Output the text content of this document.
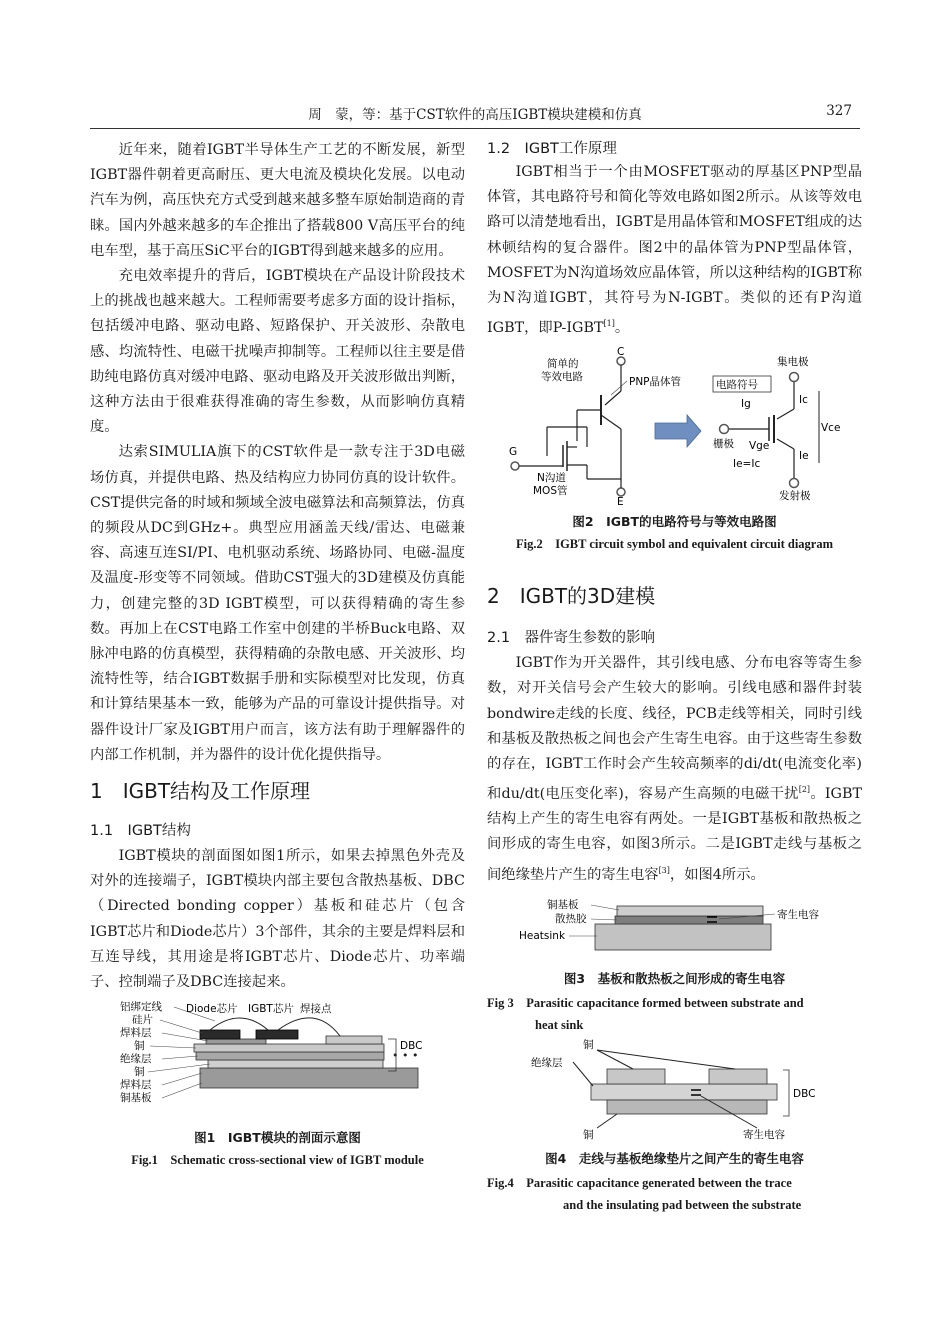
周　蒙，等：基于CST软件的高压IGBT模块建模和仿真	327

近年来，随着IGBT半导体生产工艺的不断发展，新型IGBT器件朝着更高耐压、更大电流及模块化发展。以电动汽车为例，高压快充方式受到越来越多整车原始制造商的青睐。国内外越来越多的车企推出了搭载800 V高压平台的纯电车型，基于高压SiC平台的IGBT得到越来越多的应用。

充电效率提升的背后，IGBT模块在产品设计阶段技术上的挑战也越来越大。工程师需要考虑多方面的设计指标，包括缓冲电路、驱动电路、短路保护、开关波形、杂散电感、均流特性、电磁干扰噪声抑制等。工程师以往主要是借助纯电路仿真对缓冲电路、驱动电路及开关波形做出判断，这种方法由于很难获得准确的寄生参数，从而影响仿真精度。

达索SIMULIA旗下的CST软件是一款专注于3D电磁场仿真，并提供电路、热及结构应力协同仿真的设计软件。CST提供完备的时域和频域全波电磁算法和高频算法，仿真的频段从DC到GHz+。典型应用涵盖天线/雷达、电磁兼容、高速互连SI/PI、电机驱动系统、场路协同、电磁-温度及温度-形变等不同领域。借助CST强大的3D建模及仿真能力，创建完整的3D IGBT模型，可以获得精确的寄生参数。再加上在CST电路工作室中创建的半桥Buck电路、双脉冲电路的仿真模型，获得精确的杂散电感、开关波形、均流特性等，结合IGBT数据手册和实际模型对比发现，仿真和计算结果基本一致，能够为产品的可靠设计提供指导。对器件设计厂家及IGBT用户而言，该方法有助于理解器件的内部工作机制，并为器件的设计优化提供指导。

1　IGBT结构及工作原理
1.1　IGBT结构

IGBT模块的剖面图如图1所示，如果去掉黑色外壳及对外的连接端子，IGBT模块内部主要包含散热基板、DBC（Directed bonding copper）基板和硅芯片（包含IGBT芯片和Diode芯片）3个部件，其余的主要是焊料层和互连导线，其用途是将IGBT芯片、Diode芯片、功率端子、控制端子及DBC连接起来。

• • •
铝绑定线
硅片
焊料层
铜
绝缘层
铜
焊料层
铜基板
Diode芯片 IGBT芯片 焊接点
DBC
图1　IGBT模块的剖面示意图
Fig.1　Schematic cross-sectional view of IGBT module
1.2　IGBT工作原理

IGBT相当于一个由MOSFET驱动的厚基区PNP型晶体管，其电路符号和简化等效电路如图2所示。从该等效电路可以清楚地看出，IGBT是用晶体管和MOSFET组成的达林顿结构的复合器件。图2中的晶体管为PNP型晶体管，MOSFET为N沟道场效应晶体管，所以这种结构的IGBT称为N沟道IGBT，其符号为N-IGBT。类似的还有P沟道IGBT，即P-IGBT[1]。

C
简单的
等效电路	PNP晶体管
G
N沟道
MOS管
E
电路符号
集电极
Ig	Ic
栅极 Vge
Vce
Ie
Ie=Ic
发射极
图2　IGBT的电路符号与等效电路图
Fig.2　IGBT circuit symbol and equivalent circuit diagram
2　IGBT的3D建模
2.1　器件寄生参数的影响

IGBT作为开关器件，其引线电感、分布电容等寄生参数，对开关信号会产生较大的影响。引线电感和器件封装bondwire走线的长度、线径，PCB走线等相关，同时引线和基板及散热板之间也会产生寄生电容。由于这些寄生参数的存在，IGBT工作时会产生较高频率的di/dt(电流变化率)和du/dt(电压变化率)，容易产生高频的电磁干扰[2]。IGBT结构上产生的寄生电容有两处。一是IGBT基板和散热板之间形成的寄生电容，如图3所示。二是IGBT走线与基板之间绝缘垫片产生的寄生电容[3]，如图4所示。

铜基板
散热胶
Heatsink
寄生电容
图3　基板和散热板之间形成的寄生电容
Fig 3　Parasitic capacitance formed between substrate and
heat sink
铜
绝缘层
DBC
铜	寄生电容
图4　走线与基板绝缘垫片之间产生的寄生电容
Fig.4　Parasitic capacitance generated between the trace
and the insulating pad between the substrate
